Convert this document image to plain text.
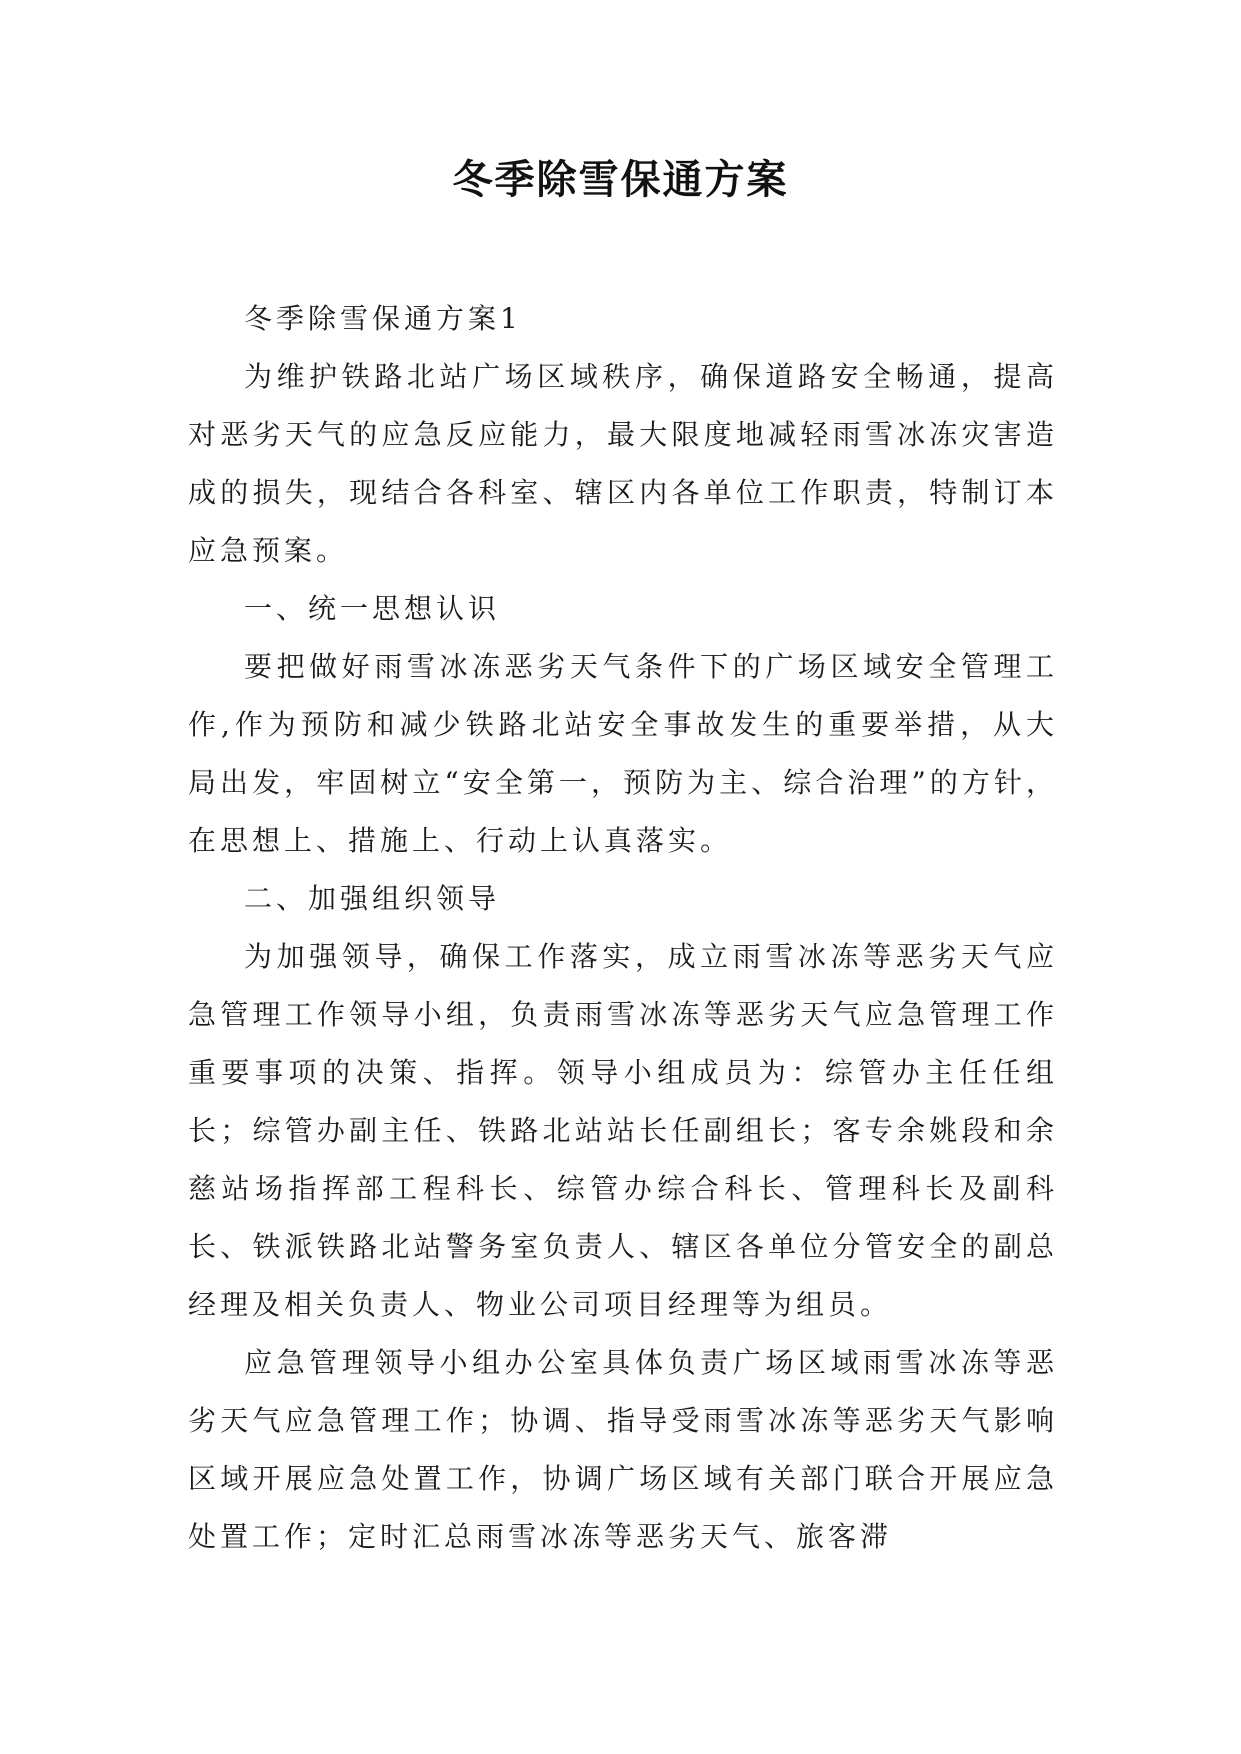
冬季除雪保通方案

冬季除雪保通方案1

为维护铁路北站广场区域秩序，确保道路安全畅通，提高对恶劣天气的应急反应能力，最大限度地减轻雨雪冰冻灾害造成的损失，现结合各科室、辖区内各单位工作职责，特制订本应急预案。

一、统一思想认识

要把做好雨雪冰冻恶劣天气条件下的广场区域安全管理工作,作为预防和减少铁路北站安全事故发生的重要举措，从大局出发，牢固树立“安全第一，预防为主、综合治理”的方针，在思想上、措施上、行动上认真落实。

二、加强组织领导

为加强领导，确保工作落实，成立雨雪冰冻等恶劣天气应急管理工作领导小组，负责雨雪冰冻等恶劣天气应急管理工作重要事项的决策、指挥。领导小组成员为：综管办主任任组长；综管办副主任、铁路北站站长任副组长；客专余姚段和余慈站场指挥部工程科长、综管办综合科长、管理科长及副科长、铁派铁路北站警务室负责人、辖区各单位分管安全的副总经理及相关负责人、物业公司项目经理等为组员。

应急管理领导小组办公室具体负责广场区域雨雪冰冻等恶劣天气应急管理工作；协调、指导受雨雪冰冻等恶劣天气影响区域开展应急处置工作，协调广场区域有关部门联合开展应急处置工作；定时汇总雨雪冰冻等恶劣天气、旅客滞
